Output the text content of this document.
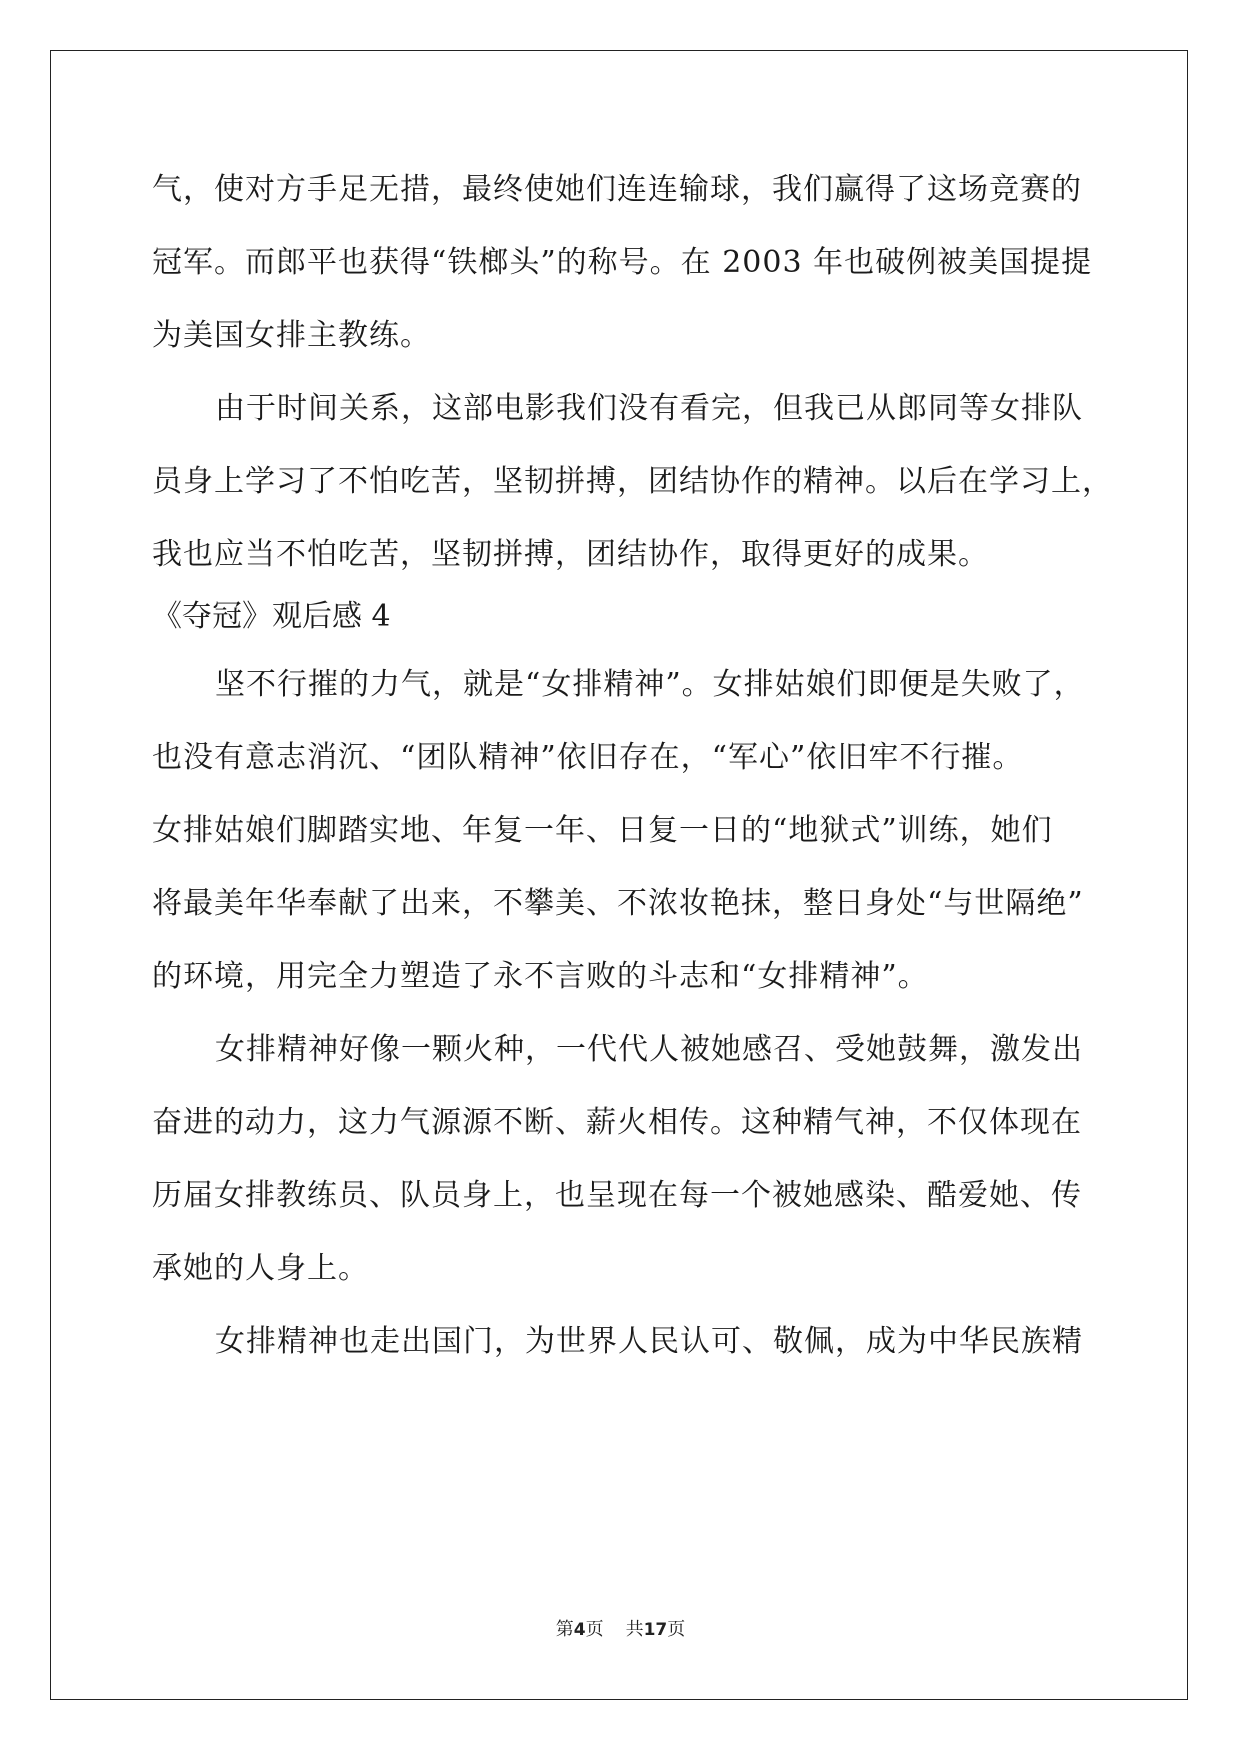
气，使对方手足无措，最终使她们连连输球，我们赢得了这场竞赛的
冠军。而郎平也获得“铁榔头”的称号。在 2003 年也破例被美国提提
为美国女排主教练。
由于时间关系，这部电影我们没有看完，但我已从郎同等女排队
员身上学习了不怕吃苦，坚韧拼搏，团结协作的精神。以后在学习上，
我也应当不怕吃苦，坚韧拼搏，团结协作，取得更好的成果。
《夺冠》观后感 4
坚不行摧的力气，就是“女排精神”。女排姑娘们即便是失败了，
也没有意志消沉、“团队精神”依旧存在，“军心”依旧牢不行摧。
女排姑娘们脚踏实地、年复一年、日复一日的“地狱式”训练，她们
将最美年华奉献了出来，不攀美、不浓妆艳抹，整日身处“与世隔绝”
的环境，用完全力塑造了永不言败的斗志和“女排精神”。
女排精神好像一颗火种，一代代人被她感召、受她鼓舞，激发出
奋进的动力，这力气源源不断、薪火相传。这种精气神，不仅体现在
历届女排教练员、队员身上，也呈现在每一个被她感染、酷爱她、传
承她的人身上。
女排精神也走出国门，为世界人民认可、敬佩，成为中华民族精
第4页 共17页
